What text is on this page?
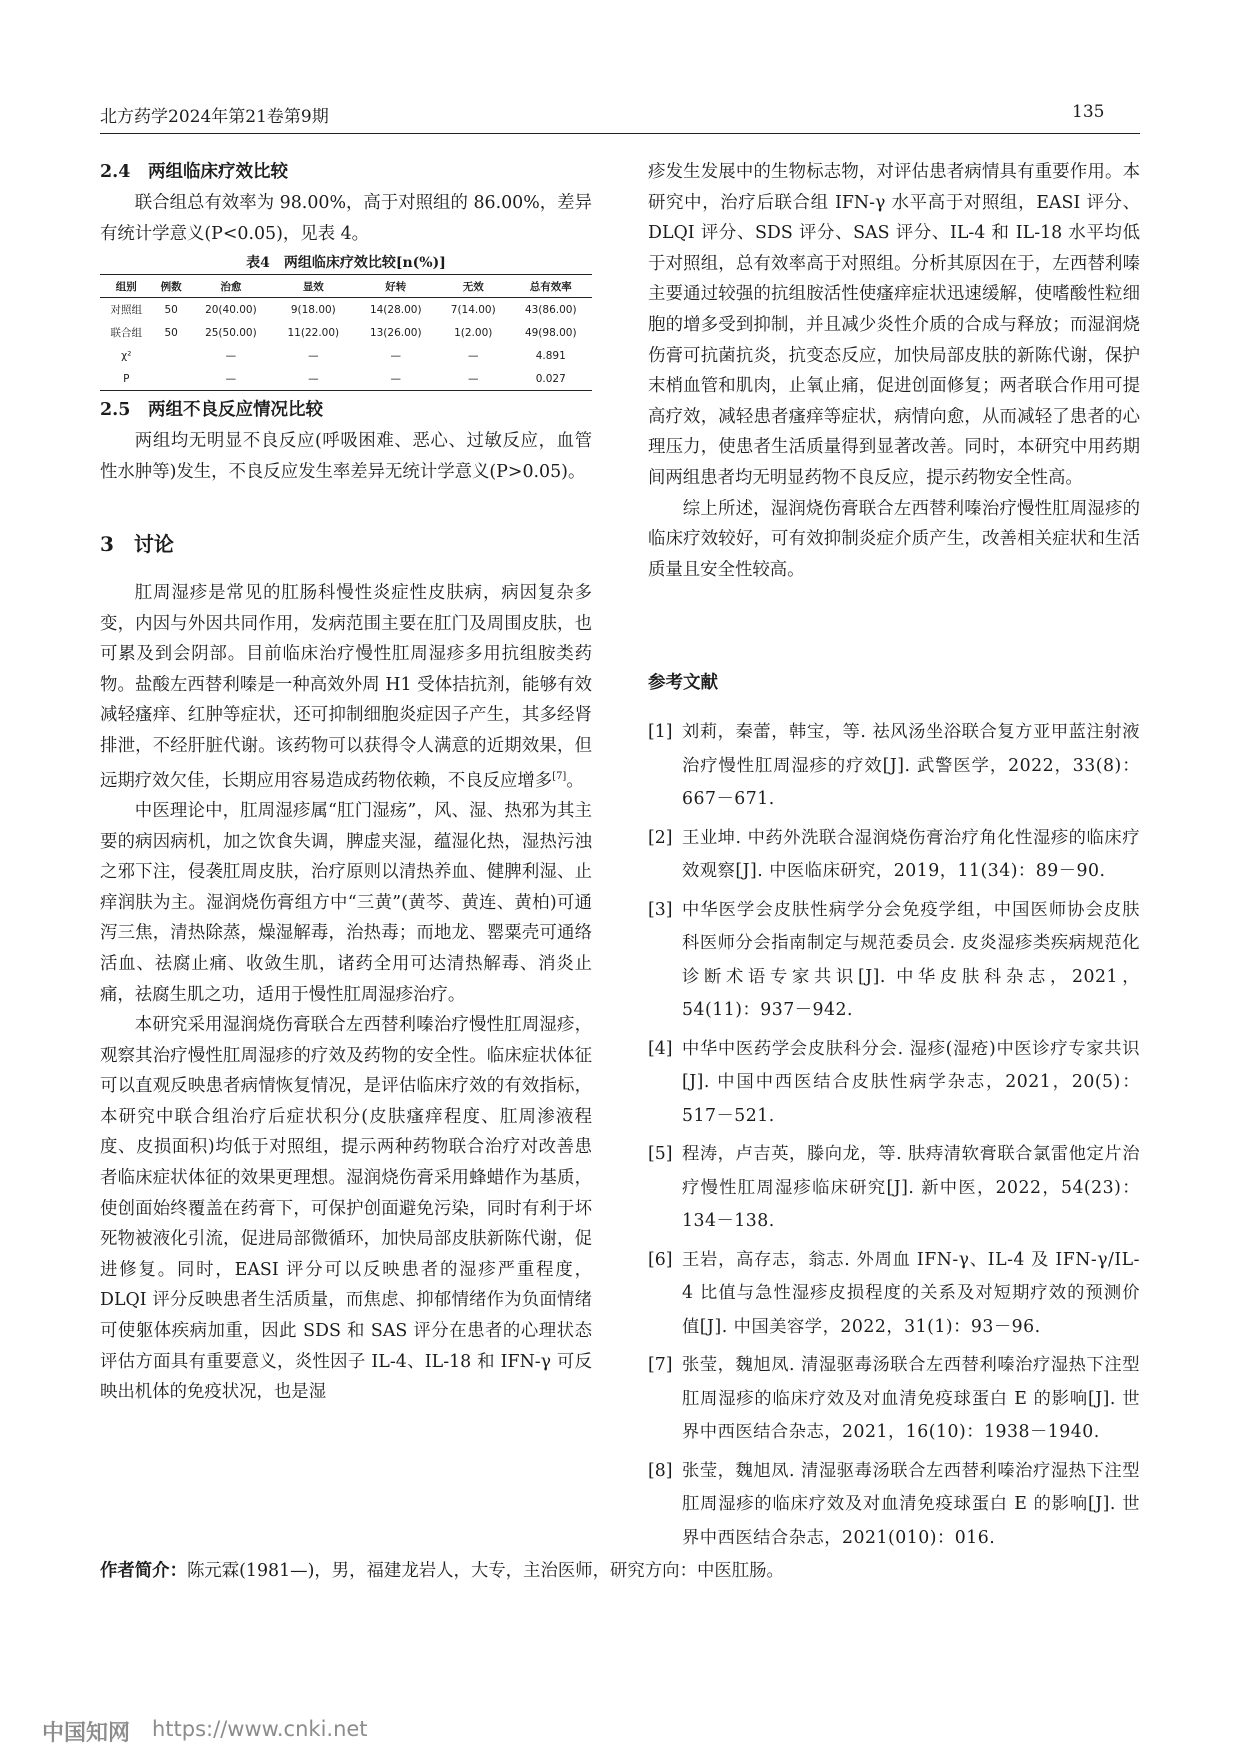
北方药学2024年第21卷第9期	135
2.4　两组临床疗效比较

联合组总有效率为 98.00%，高于对照组的 86.00%，差异有统计学意义(P<0.05)，见表 4。

表4　两组临床疗效比较[n(%)]
组别	例数	治愈	显效	好转	无效	总有效率
对照组	50	20(40.00)	9(18.00)	14(28.00)	7(14.00)	43(86.00)
联合组	50	25(50.00)	11(22.00)	13(26.00)	1(2.00)	49(98.00)
χ²		—	—	—	—	4.891
P		—	—	—	—	0.027
2.5　两组不良反应情况比较

两组均无明显不良反应(呼吸困难、恶心、过敏反应，血管性水肿等)发生，不良反应发生率差异无统计学意义(P>0.05)。

3　讨论

肛周湿疹是常见的肛肠科慢性炎症性皮肤病，病因复杂多变，内因与外因共同作用，发病范围主要在肛门及周围皮肤，也可累及到会阴部。目前临床治疗慢性肛周湿疹多用抗组胺类药物。盐酸左西替利嗪是一种高效外周 H1 受体拮抗剂，能够有效减轻瘙痒、红肿等症状，还可抑制细胞炎症因子产生，其多经肾排泄，不经肝脏代谢。该药物可以获得令人满意的近期效果，但远期疗效欠佳，长期应用容易造成药物依赖，不良反应增多[7]。

中医理论中，肛周湿疹属“肛门湿疡”，风、湿、热邪为其主要的病因病机，加之饮食失调，脾虚夹湿，蕴湿化热，湿热污浊之邪下注，侵袭肛周皮肤，治疗原则以清热养血、健脾利湿、止痒润肤为主。湿润烧伤膏组方中“三黄”(黄芩、黄连、黄柏)可通泻三焦，清热除蒸，燥湿解毒，治热毒；而地龙、罂粟壳可通络活血、祛腐止痛、收敛生肌，诸药全用可达清热解毒、消炎止痛，祛腐生肌之功，适用于慢性肛周湿疹治疗。

本研究采用湿润烧伤膏联合左西替利嗪治疗慢性肛周湿疹，观察其治疗慢性肛周湿疹的疗效及药物的安全性。临床症状体征可以直观反映患者病情恢复情况，是评估临床疗效的有效指标，本研究中联合组治疗后症状积分(皮肤瘙痒程度、肛周渗液程度、皮损面积)均低于对照组，提示两种药物联合治疗对改善患者临床症状体征的效果更理想。湿润烧伤膏采用蜂蜡作为基质，使创面始终覆盖在药膏下，可保护创面避免污染，同时有利于坏死物被液化引流，促进局部微循环，加快局部皮肤新陈代谢，促进修复。同时，EASI 评分可以反映患者的湿疹严重程度，DLQI 评分反映患者生活质量，而焦虑、抑郁情绪作为负面情绪可使躯体疾病加重，因此 SDS 和 SAS 评分在患者的心理状态评估方面具有重要意义，炎性因子 IL-4、IL-18 和 IFN-γ 可反映出机体的免疫状况，也是湿

疹发生发展中的生物标志物，对评估患者病情具有重要作用。本研究中，治疗后联合组 IFN-γ 水平高于对照组，EASI 评分、DLQI 评分、SDS 评分、SAS 评分、IL-4 和 IL-18 水平均低于对照组，总有效率高于对照组。分析其原因在于，左西替利嗪主要通过较强的抗组胺活性使瘙痒症状迅速缓解，使嗜酸性粒细胞的增多受到抑制，并且减少炎性介质的合成与释放；而湿润烧伤膏可抗菌抗炎，抗变态反应，加快局部皮肤的新陈代谢，保护末梢血管和肌肉，止氧止痛，促进创面修复；两者联合作用可提高疗效，减轻患者瘙痒等症状，病情向愈，从而减轻了患者的心理压力，使患者生活质量得到显著改善。同时，本研究中用药期间两组患者均无明显药物不良反应，提示药物安全性高。

综上所述，湿润烧伤膏联合左西替利嗪治疗慢性肛周湿疹的临床疗效较好，可有效抑制炎症介质产生，改善相关症状和生活质量且安全性较高。

参考文献
[1] 刘莉，秦蕾，韩宝，等. 祛风汤坐浴联合复方亚甲蓝注射液治疗慢性肛周湿疹的疗效[J]. 武警医学，2022，33(8)：667－671.
[2] 王业坤. 中药外洗联合湿润烧伤膏治疗角化性湿疹的临床疗效观察[J]. 中医临床研究，2019，11(34)：89－90.
[3] 中华医学会皮肤性病学分会免疫学组，中国医师协会皮肤科医师分会指南制定与规范委员会. 皮炎湿疹类疾病规范化诊断术语专家共识[J]. 中华皮肤科杂志，2021，54(11)：937－942.
[4] 中华中医药学会皮肤科分会. 湿疹(湿疮)中医诊疗专家共识[J]. 中国中西医结合皮肤性病学杂志，2021，20(5)：517－521.
[5] 程涛，卢吉英，滕向龙，等. 肤痔清软膏联合氯雷他定片治疗慢性肛周湿疹临床研究[J]. 新中医，2022，54(23)：134－138.
[6] 王岩，高存志，翁志. 外周血 IFN-γ、IL-4 及 IFN-γ/IL-4 比值与急性湿疹皮损程度的关系及对短期疗效的预测价值[J]. 中国美容学，2022，31(1)：93－96.
[7] 张莹，魏旭凤. 清湿驱毒汤联合左西替利嗪治疗湿热下注型肛周湿疹的临床疗效及对血清免疫球蛋白 E 的影响[J]. 世界中西医结合杂志，2021，16(10)：1938－1940.
[8] 张莹，魏旭凤. 清湿驱毒汤联合左西替利嗪治疗湿热下注型肛周湿疹的临床疗效及对血清免疫球蛋白 E 的影响[J]. 世界中西医结合杂志，2021(010)：016.
作者简介：陈元霖(1981—)，男，福建龙岩人，大专，主治医师，研究方向：中医肛肠。
中国知网 https://www.cnki.net
